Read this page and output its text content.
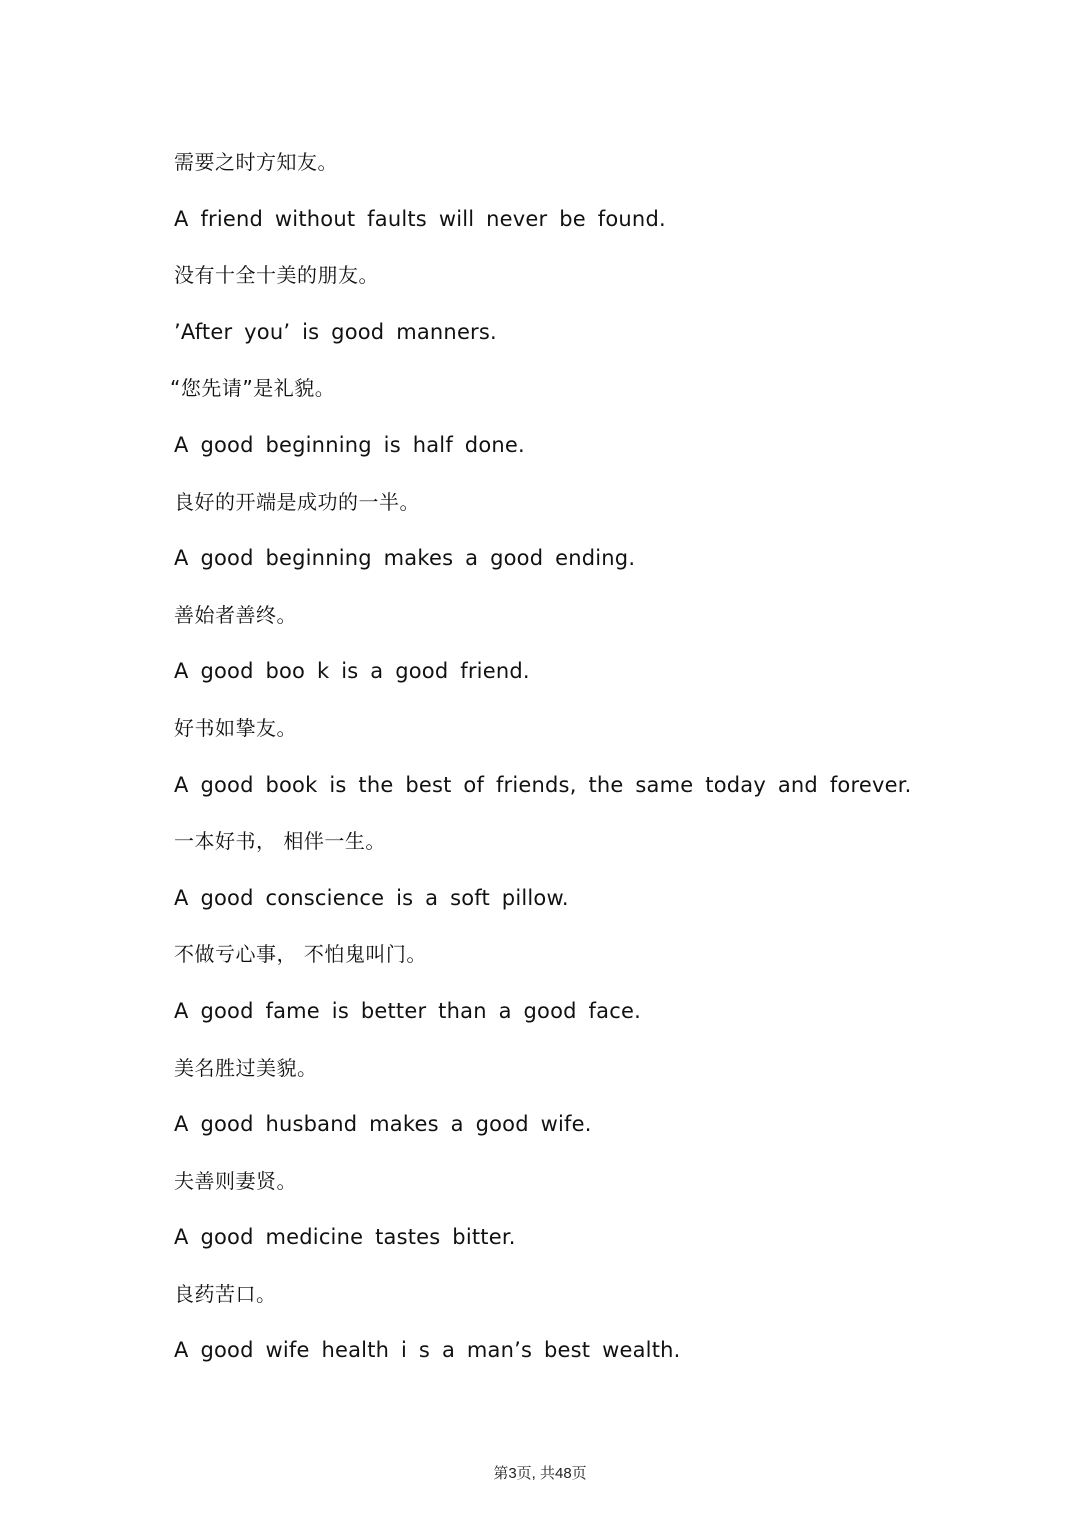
需要之时方知友。
A friend without faults will never be found.
没有十全十美的朋友。
’After you’ is good manners.
“您先请”是礼貌。
A good beginning is half done.
良好的开端是成功的一半。
A good beginning makes a good ending.
善始者善终。
A good boo k is a good friend.
好书如挚友。
A good book is the best of friends, the same today and forever.
一本好书， 相伴一生。
A good conscience is a soft pillow.
不做亏心事， 不怕鬼叫门。
A good fame is better than a good face.
美名胜过美貌。
A good husband makes a good wife.
夫善则妻贤。
A good medicine tastes bitter.
良药苦口。
A good wife health i s a man’s best wealth.
第3页, 共48页
